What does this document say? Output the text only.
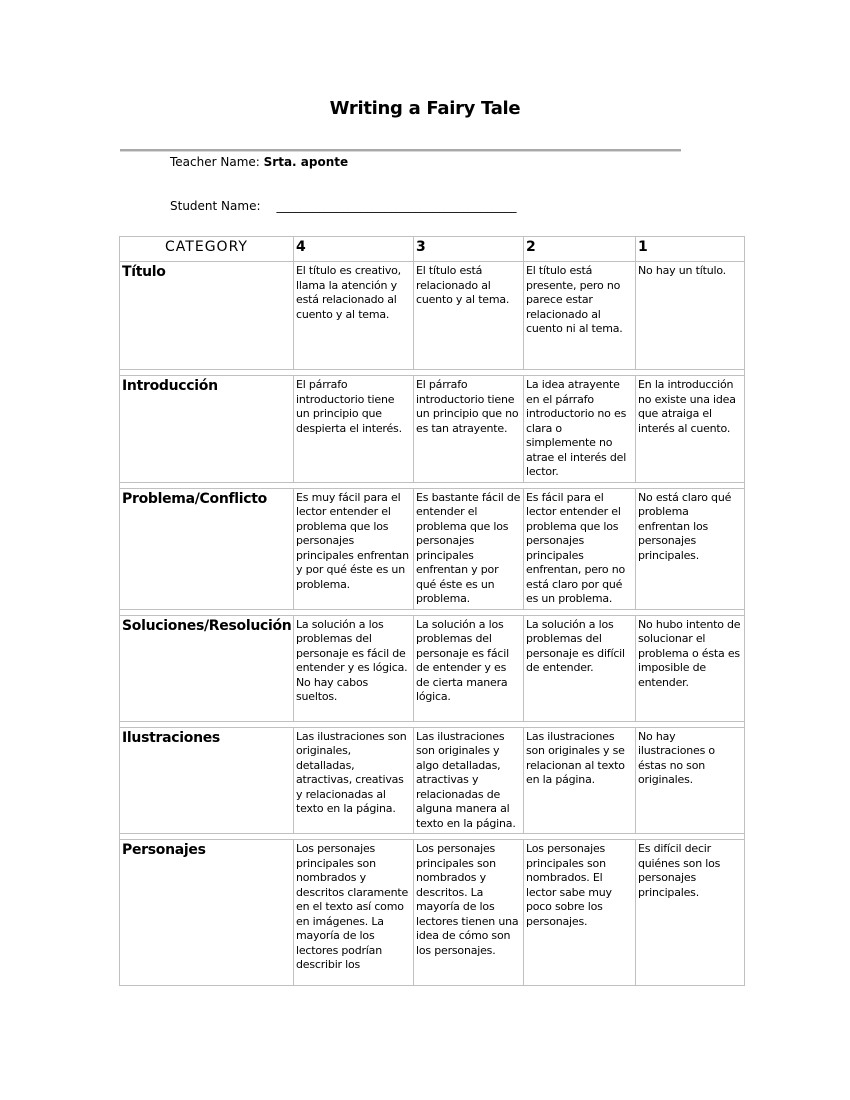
Writing a Fairy Tale
Teacher Name: Srta. aponte
Student Name: ________________________________________
CATEGORY	4	3	2	1
Título	El título es creativo, llama la atención y está relacionado al cuento y al tema.	El título está relacionado al cuento y al tema.	El título está presente, pero no parece estar relacionado al cuento ni al tema.	No hay un título.

Introducción	El párrafo introductorio tiene un principio que despierta el interés.	El párrafo introductorio tiene un principio que no es tan atrayente.	La idea atrayente en el párrafo introductorio no es clara o simplemente no atrae el interés del lector.	En la introducción no existe una idea que atraiga el interés al cuento.

Problema/Conflicto	Es muy fácil para el lector entender el problema que los personajes principales enfrentan y por qué éste es un problema.	Es bastante fácil de entender el problema que los personajes principales enfrentan y por qué éste es un problema.	Es fácil para el lector entender el problema que los personajes principales enfrentan, pero no está claro por qué es un problema.	No está claro qué problema enfrentan los personajes principales.

Soluciones/Resolución	La solución a los problemas del personaje es fácil de entender y es lógica. No hay cabos sueltos.	La solución a los problemas del personaje es fácil de entender y es de cierta manera lógica.	La solución a los problemas del personaje es difícil de entender.	No hubo intento de solucionar el problema o ésta es imposible de entender.

Ilustraciones	Las ilustraciones son originales, detalladas, atractivas, creativas y relacionadas al texto en la página.	Las ilustraciones son originales y algo detalladas, atractivas y relacionadas de alguna manera al texto en la página.	Las ilustraciones son originales y se relacionan al texto en la página.	No hay ilustraciones o éstas no son originales.

Personajes	Los personajes principales son nombrados y descritos claramente en el texto así como en imágenes. La mayoría de los lectores podrían describir los	Los personajes principales son nombrados y descritos. La mayoría de los lectores tienen una idea de cómo son los personajes.	Los personajes principales son nombrados. El lector sabe muy poco sobre los personajes.	Es difícil decir quiénes son los personajes principales.
